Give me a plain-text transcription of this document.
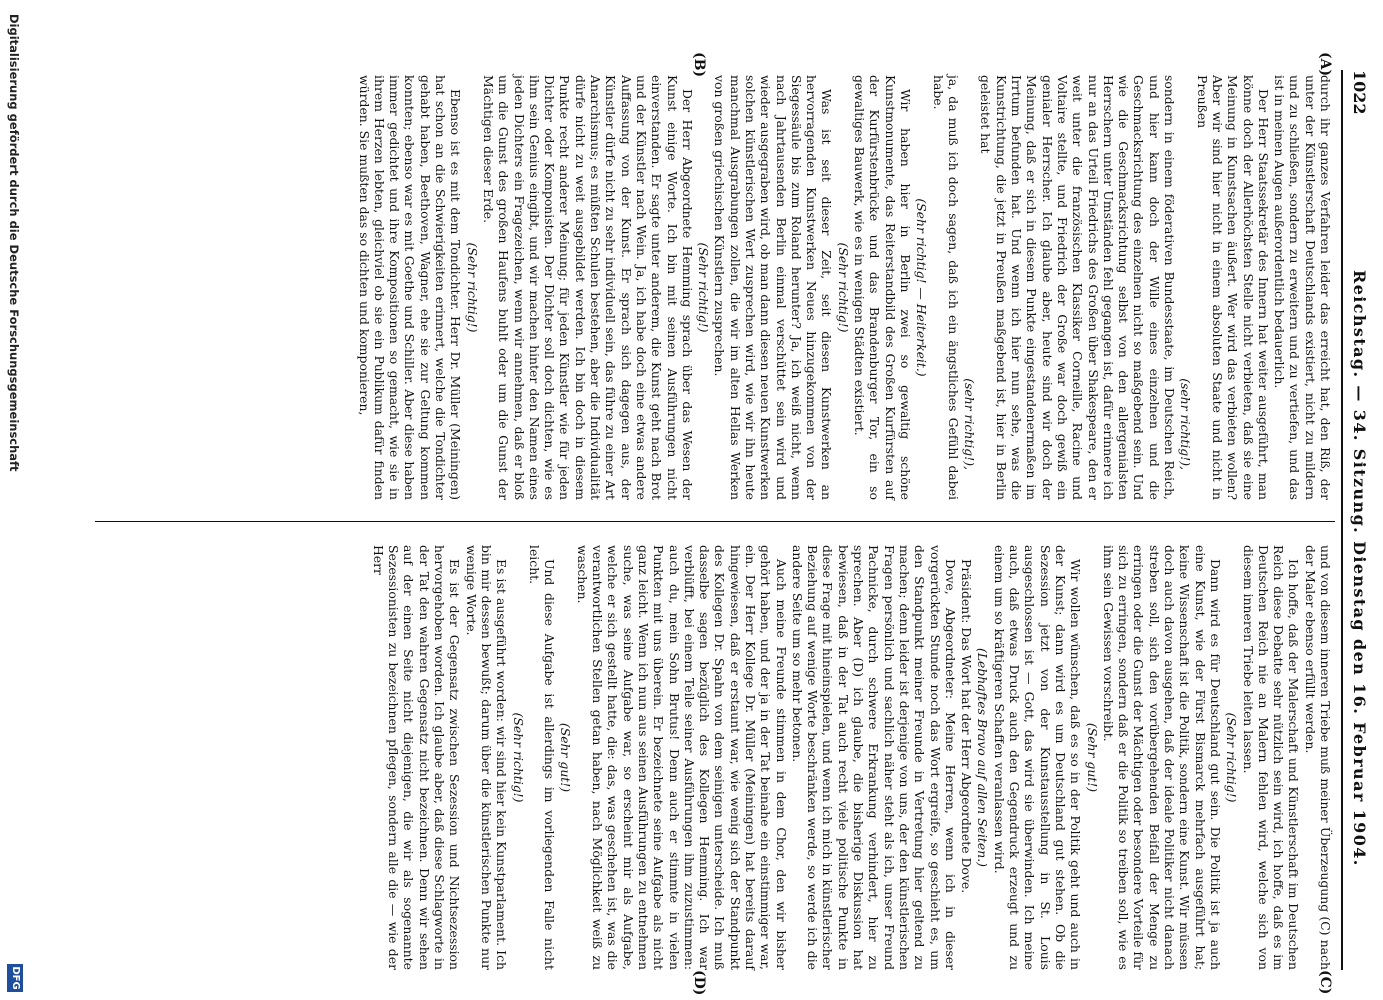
1022
Reichstag. — 34. Sitzung. Dienstag den 16. Februar 1904.
(A)
(B)
(C)
(D)

durch ihr ganzes Verfahren leider das erreicht hat, den Riß, der unter der Künstlerschaft Deutschlands existiert, nicht zu mildern und zu schließen, sondern zu erweitern und zu vertiefen, und das ist in meinen Augen außerordentlich bedauerlich.

Der Herr Staatssekretär des Innern hat weiter ausgeführt, man könne doch der Allerhöchsten Stelle nicht verbieten, daß sie eine Meinung in Kunstsachen äußert. Wer wird das verbieten wollen? Aber wir sind hier nicht in einem absoluten Staate und nicht in Preußen

(sehr richtig!),

sondern in einem föderativen Bundesstaate, im Deutschen Reich, und hier kann doch der Wille eines einzelnen und die Geschmacksrichtung des einzelnen nicht so maßgebend sein. Und wie die Geschmacksrichtung selbst von den allergenialsten Herrschern unter Umständen fehl gegangen ist, dafür erinnere ich nur an das Urteil Friedrichs des Großen über Shakespeare, den er weit unter die französischen Klassiker Corneille, Racine und Voltaire stellte, und Friedrich der Große war doch gewiß ein genialer Herrscher. Ich glaube aber, heute sind wir doch der Meinung, daß er sich in diesem Punkte eingestandenermaßen im Irrtum befunden hat. Und wenn ich hier nun sehe, was die Kunstrichtung, die jetzt in Preußen maßgebend ist, hier in Berlin geleistet hat

(sehr richtig!),

ja, da muß ich doch sagen, daß ich ein ängstliches Gefühl dabei habe.

(Sehr richtig! — Heiterkeit.)

Wir haben hier in Berlin zwei so gewaltig schöne Kunstmonumente, das Reiterstandbild des Großen Kurfürsten auf der Kurfürstenbrücke und das Brandenburger Tor, ein so gewaltiges Bauwerk, wie es in wenigen Städten existiert.

(Sehr richtig!)

Was ist seit dieser Zeit, seit diesen Kunstwerken an hervorragenden Kunstwerken Neues hinzugekommen von der Siegessäule bis zum Roland herunter? Ja, ich weiß nicht, wenn nach Jahrtausenden Berlin einmal verschüttet sein wird und wieder ausgegraben wird, ob man dann diesen neuen Kunstwerken solchen künstlerischen Wert zusprechen wird, wie wir ihn heute manchmal Ausgrabungen zollen, die wir im alten Hellas Werken von großen griechischen Künstlern zusprechen.

(Sehr richtig!)

Der Herr Abgeordnete Hemming sprach über das Wesen der Kunst einige Worte. Ich bin mit seinen Ausführungen nicht einverstanden. Er sagte unter anderem, die Kunst geht nach Brot und der Künstler nach Wein. Ja, ich habe doch eine etwas andere Auffassung von der Kunst. Er sprach sich dagegen aus, der Künstler dürfe nicht zu sehr individuell sein, das führe zu einer Art Anarchismus; es müßten Schulen bestehen, aber die Individualität dürfe nicht zu weit ausgebildet werden. Ich bin doch in diesem Punkte recht anderer Meinung; für jeden Künstler wie für jeden Dichter oder Komponisten. Der Dichter soll doch dichten, wie es ihm sein Genius eingibt, und wir machen hinter den Namen eines jeden Dichters ein Fragezeichen, wenn wir annehmen, daß er bloß um die Gunst des großen Haufens buhlt oder um die Gunst der Mächtigen dieser Erde.

(Sehr richtig!)

Ebenso ist es mit dem Tondichter. Herr Dr. Müller (Meiningen) hat schon an die Schwierigkeiten erinnert, welche die Tondichter gehabt haben, Beethoven, Wagner, ehe sie zur Geltung kommen konnten; ebenso war es mit Goethe und Schiller. Aber diese haben immer gedichtet und ihre Kompositionen so gemacht, wie sie in ihrem Herzen lebten, gleichviel ob sie ein Publikum dafür finden würden. Sie mußten das so dichten und komponieren,

und von diesem inneren Triebe muß meiner Überzeugung (C) nach der Maler ebenso erfüllt werden.

Ich hoffe, daß der Malerschaft und Künstlerschaft im Deutschen Reich diese Debatte sehr nützlich sein wird, ich hoffe, daß es im Deutschen Reich nie an Malern fehlen wird, welche sich von diesem inneren Triebe leiten lassen.

(Sehr richtig!)

Dann wird es für Deutschland gut sein. Die Politik ist ja auch eine Kunst, wie der Fürst Bismarck mehrfach ausgeführt hat; keine Wissenschaft ist die Politik, sondern eine Kunst. Wir müssen doch auch davon ausgehen, daß der ideale Politiker nicht danach streben soll, sich den vorübergehenden Beifall der Menge zu erringen oder die Gunst der Mächtigen oder besondere Vorteile für sich zu erringen, sondern daß er die Politik so treiben soll, wie es ihm sein Gewissen vorschreibt.

(Sehr gut!)

Wir wollen wünschen, daß es so in der Politik geht und auch in der Kunst; dann wird es um Deutschland gut stehen. Ob die Sezession jetzt von der Kunstausstellung in St. Louis ausgeschlossen ist — Gott, das wird sie überwinden. Ich meine auch, daß etwas Druck auch den Gegendruck erzeugt und zu einem um so kräftigeren Schaffen veranlassen wird.

(Lebhaftes Bravo auf allen Seiten.)

Präsident: Das Wort hat der Herr Abgeordnete Dove.

Dove, Abgeordneter: Meine Herren, wenn ich in dieser vorgerückten Stunde noch das Wort ergreife, so geschieht es, um den Standpunkt meiner Freunde in Vertretung hier geltend zu machen; denn leider ist derjenige von uns, der den künstlerischen Fragen persönlich und sachlich näher steht als ich, unser Freund Pachnicke, durch schwere Erkrankung verhindert, hier zu sprechen. Aber (D) ich glaube, die bisherige Diskussion hat bewiesen, daß in der Tat auch recht viele politische Punkte in diese Frage mit hineinspielen, und wenn ich mich in künstlerischer Beziehung auf wenige Worte beschränken werde, so werde ich die andere Seite um so mehr betonen.

Auch meine Freunde stimmen in dem Chor, den wir bisher gehört haben, und der ja in der Tat beinahe ein einstimmiger war, ein. Der Herr Kollege Dr. Müller (Meiningen) hat bereits darauf hingewiesen, daß er erstaunt war, wie wenig sich der Standpunkt des Kollegen Dr. Spahn von dem seinigen unterscheide. Ich muß dasselbe sagen bezüglich des Kollegen Hemming. Ich war verblüfft, bei einem Teile seiner Ausführungen ihm zuzustimmen: auch du, mein Sohn Brutus! Denn auch er stimmte in vielen Punkten mit uns überein. Er bezeichnete seine Aufgabe als nicht ganz leicht. Wenn ich nun aus seinen Ausführungen zu entnehmen suche, was seine Aufgabe war, so erscheint mir als Aufgabe, welche er sich gestellt hatte, die: das, was geschehen ist, was die verantwortlichen Stellen getan haben, nach Möglichkeit weiß zu waschen.

(Sehr gut!)

Und diese Aufgabe ist allerdings im vorliegenden Falle nicht leicht.

(Sehr richtig!)

Es ist ausgeführt worden: wir sind hier kein Kunstparlament. Ich bin mir dessen bewußt; darum über die künstlerischen Punkte nur wenige Worte.

Es ist der Gegensatz zwischen Sezession und Nichtsezession hervorgehoben worden. Ich glaube aber, daß diese Schlagworte in der Tat den wahren Gegensatz nicht bezeichnen. Denn wir sehen auf der einen Seite nicht diejenigen, die wir als sogenannte Sezessionisten zu bezeichnen pflegen, sondern alle die — wie der Herr

Digitalisierung gefördert durch die Deutsche Forschungsgemeinschaft
DFG
